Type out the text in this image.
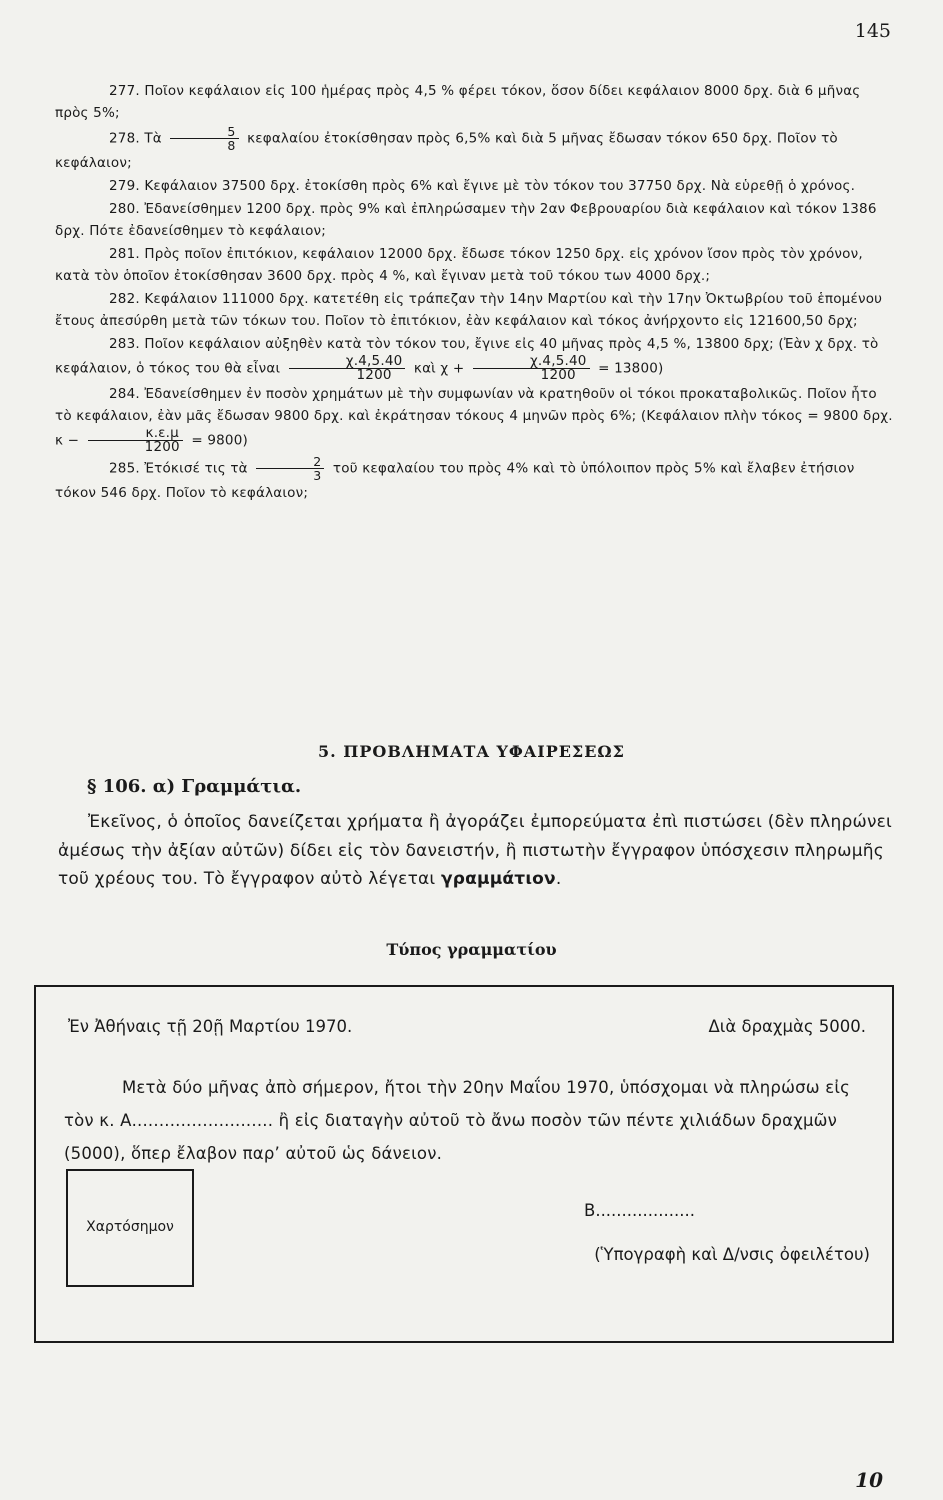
145

277. Ποῖον κεφάλαιον εἰς 100 ἡμέρας πρὸς 4,5 % φέρει τόκον, ὅσον δίδει κεφάλαιον 8000 δρχ. διὰ 6 μῆνας πρὸς 5%;

278. Τὰ $\frac{5}{8}$ κεφαλαίου ἐτοκίσθησαν πρὸς 6,5% καὶ διὰ 5 μῆνας ἔδωσαν τόκον 650 δρχ. Ποῖον τὸ κεφάλαιον;

279. Κεφάλαιον 37500 δρχ. ἐτοκίσθη πρὸς 6% καὶ ἔγινε μὲ τὸν τόκον του 37750 δρχ. Νὰ εὑρεθῇ ὁ χρόνος.

280. Ἐδανείσθημεν 1200 δρχ. πρὸς 9% καὶ ἐπληρώσαμεν τὴν 2αν Φεβρουαρίου διὰ κεφάλαιον καὶ τόκον 1386 δρχ. Πότε ἐδανείσθημεν τὸ κεφάλαιον;

281. Πρὸς ποῖον ἐπιτόκιον, κεφάλαιον 12000 δρχ. ἔδωσε τόκον 1250 δρχ. εἰς χρόνον ἴσον πρὸς τὸν χρόνον, κατὰ τὸν ὁποῖον ἐτοκίσθησαν 3600 δρχ. πρὸς 4 %, καὶ ἔγιναν μετὰ τοῦ τόκου των 4000 δρχ.;

282. Κεφάλαιον 111000 δρχ. κατετέθη εἰς τράπεζαν τὴν 14ην Μαρτίου καὶ τὴν 17ην Ὀκτωβρίου τοῦ ἑπομένου ἔτους ἀπεσύρθη μετὰ τῶν τόκων του. Ποῖον τὸ ἐπιτόκιον, ἐὰν κεφάλαιον καὶ τόκος ἀνήρχοντο εἰς 121600,50 δρχ;

283. Ποῖον κεφάλαιον αὐξηθὲν κατὰ τὸν τόκον του, ἔγινε εἰς 40 μῆνας πρὸς 4,5 %, 13800 δρχ; (Ἐὰν χ δρχ. τὸ κεφάλαιον, ὁ τόκος του θὰ εἶναι $\frac{\chi.4,5.40}{1200}$ καὶ $\chi + \frac{\chi.4,5.40}{1200} = 13800$)

284. Ἐδανείσθημεν ἐν ποσὸν χρημάτων μὲ τὴν συμφωνίαν νὰ κρατηθοῦν οἱ τόκοι προκαταβολικῶς. Ποῖον ἦτο τὸ κεφάλαιον, ἐὰν μᾶς ἔδωσαν 9800 δρχ. καὶ ἐκράτησαν τόκους 4 μηνῶν πρὸς 6%; (Κεφάλαιον πλὴν τόκος = 9800 δρχ. $\kappa - \frac{\kappa.\varepsilon.\mu}{1200} = 9800$)

285. Ἐτόκισέ τις τὰ $\frac{2}{3}$ τοῦ κεφαλαίου του πρὸς 4% καὶ τὸ ὑπόλοιπον πρὸς 5% καὶ ἔλαβεν ἐτήσιον τόκον 546 δρχ. Ποῖον τὸ κεφάλαιον;

5. ΠΡΟΒΛΗΜΑΤΑ ΥΦΑΙΡΕΣΕΩΣ
§ 106. α) Γραμμάτια.

Ἐκεῖνος, ὁ ὁποῖος δανείζεται χρήματα ἢ ἀγοράζει ἐμπορεύματα ἐπὶ πιστώσει (δὲν πληρώνει ἀμέσως τὴν ἀξίαν αὐτῶν) δίδει εἰς τὸν δανειστήν, ἢ πιστωτὴν ἔγγραφον ὑπόσχεσιν πληρωμῆς τοῦ χρέους του. Τὸ ἔγγραφον αὐτὸ λέγεται γραμμάτιον.

Τύπος γραμματίου
Ἐν Ἀθήναις τῇ 20ῇ Μαρτίου 1970.	Διὰ δραχμὰς 5000.

Μετὰ δύο μῆνας ἀπὸ σήμερον, ἤτοι τὴν 20ην Μαΐου 1970, ὑπόσχομαι νὰ πληρώσω εἰς τὸν κ. Α.......................... ἢ εἰς διαταγὴν αὐτοῦ τὸ ἄνω ποσὸν τῶν πέντε χιλιάδων δραχμῶν (5000), ὅπερ ἔλαβον παρ’ αὐτοῦ ὡς δάνειον.

Χαρτόσημον
Β...................
(Ὑπογραφὴ καὶ Δ/νσις ὀφειλέτου)
10
